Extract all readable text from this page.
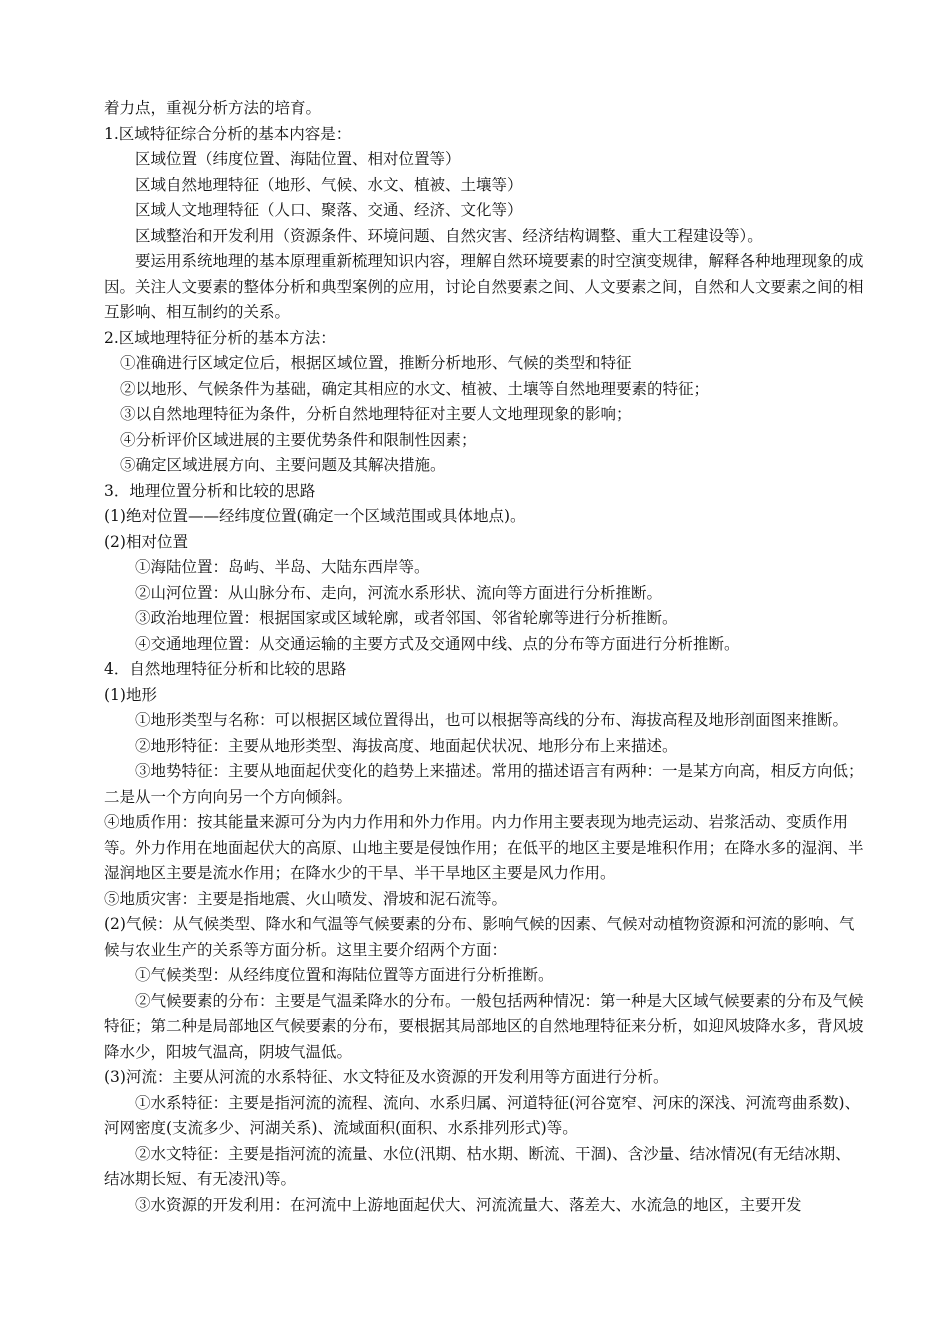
着力点，重视分析方法的培育。

1.区域特征综合分析的基本内容是：

区域位置（纬度位置、海陆位置、相对位置等）

区域自然地理特征（地形、气候、水文、植被、土壤等）

区域人文地理特征（人口、聚落、交通、经济、文化等）

区域整治和开发利用（资源条件、环境问题、自然灾害、经济结构调整、重大工程建设等）。

要运用系统地理的基本原理重新梳理知识内容，理解自然环境要素的时空演变规律，解释各种地理现象的成因。关注人文要素的整体分析和典型案例的应用，讨论自然要素之间、人文要素之间，自然和人文要素之间的相互影响、相互制约的关系。

2.区域地理特征分析的基本方法：

①准确进行区域定位后，根据区域位置，推断分析地形、气候的类型和特征

②以地形、气候条件为基础，确定其相应的水文、植被、土壤等自然地理要素的特征；

③以自然地理特征为条件，分析自然地理特征对主要人文地理现象的影响；

④分析评价区域进展的主要优势条件和限制性因素；

⑤确定区域进展方向、主要问题及其解决措施。

3．地理位置分析和比较的思路

(1)绝对位置——经纬度位置(确定一个区域范围或具体地点)。

(2)相对位置

①海陆位置：岛屿、半岛、大陆东西岸等。

②山河位置：从山脉分布、走向，河流水系形状、流向等方面进行分析推断。

③政治地理位置：根据国家或区域轮廓，或者邻国、邻省轮廓等进行分析推断。

④交通地理位置：从交通运输的主要方式及交通网中线、点的分布等方面进行分析推断。

4．自然地理特征分析和比较的思路

(1)地形

①地形类型与名称：可以根据区域位置得出，也可以根据等高线的分布、海拔高程及地形剖面图来推断。

②地形特征：主要从地形类型、海拔高度、地面起伏状况、地形分布上来描述。

③地势特征：主要从地面起伏变化的趋势上来描述。常用的描述语言有两种：一是某方向高，相反方向低；二是从一个方向向另一个方向倾斜。

④地质作用：按其能量来源可分为内力作用和外力作用。内力作用主要表现为地壳运动、岩浆活动、变质作用等。外力作用在地面起伏大的高原、山地主要是侵蚀作用；在低平的地区主要是堆积作用；在降水多的湿润、半湿润地区主要是流水作用；在降水少的干旱、半干旱地区主要是风力作用。

⑤地质灾害：主要是指地震、火山喷发、滑坡和泥石流等。

(2)气候：从气候类型、降水和气温等气候要素的分布、影响气候的因素、气候对动植物资源和河流的影响、气候与农业生产的关系等方面分析。这里主要介绍两个方面：

①气候类型：从经纬度位置和海陆位置等方面进行分析推断。

②气候要素的分布：主要是气温柔降水的分布。一般包括两种情况：第一种是大区域气候要素的分布及气候特征；第二种是局部地区气候要素的分布，要根据其局部地区的自然地理特征来分析，如迎风坡降水多，背风坡降水少，阳坡气温高，阴坡气温低。

(3)河流：主要从河流的水系特征、水文特征及水资源的开发利用等方面进行分析。

①水系特征：主要是指河流的流程、流向、水系归属、河道特征(河谷宽窄、河床的深浅、河流弯曲系数)、河网密度(支流多少、河湖关系)、流域面积(面积、水系排列形式)等。

②水文特征：主要是指河流的流量、水位(汛期、枯水期、断流、干涸)、含沙量、结冰情况(有无结冰期、结冰期长短、有无凌汛)等。

③水资源的开发利用：在河流中上游地面起伏大、河流流量大、落差大、水流急的地区，主要开发
